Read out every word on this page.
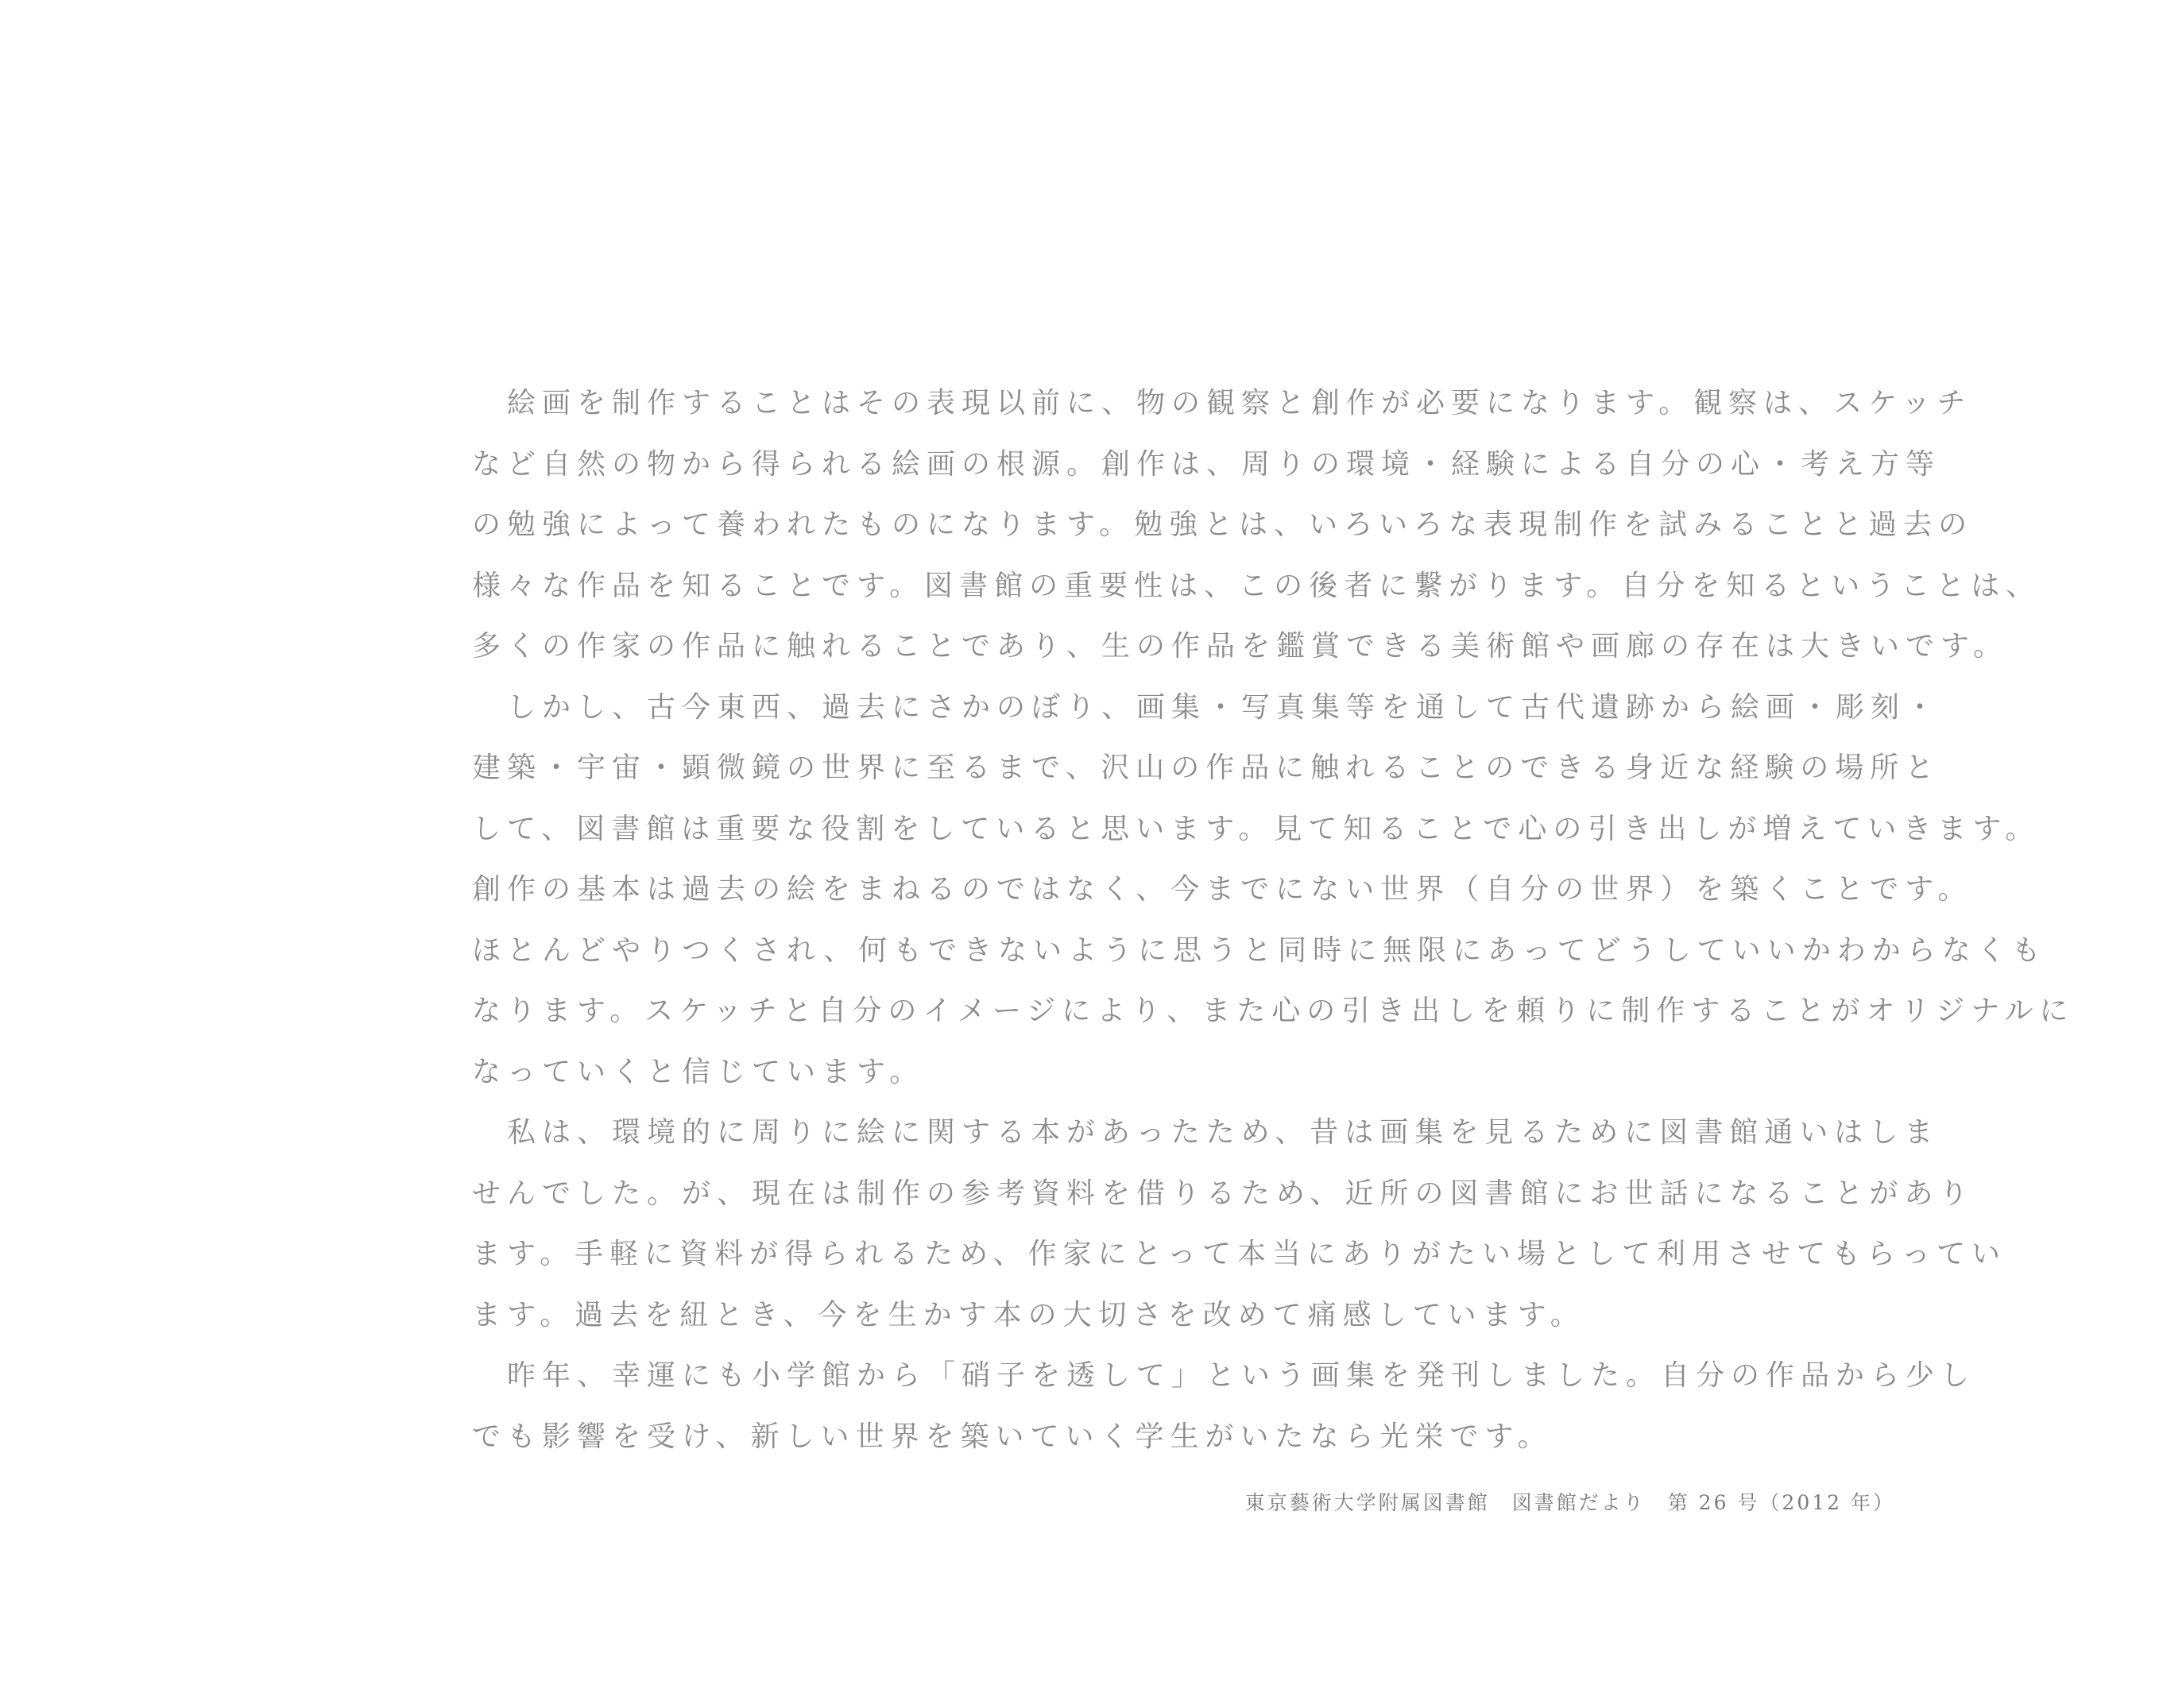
　絵画を制作することはその表現以前に、物の観察と創作が必要になります。観察は、スケッチ
など自然の物から得られる絵画の根源。創作は、周りの環境・経験による自分の心・考え方等
の勉強によって養われたものになります。勉強とは、いろいろな表現制作を試みることと過去の
様々な作品を知ることです。図書館の重要性は、この後者に繋がります。自分を知るということは、
多くの作家の作品に触れることであり、生の作品を鑑賞できる美術館や画廊の存在は大きいです。
　しかし、古今東西、過去にさかのぼり、画集・写真集等を通して古代遺跡から絵画・彫刻・
建築・宇宙・顕微鏡の世界に至るまで、沢山の作品に触れることのできる身近な経験の場所と
して、図書館は重要な役割をしていると思います。見て知ることで心の引き出しが増えていきます。
創作の基本は過去の絵をまねるのではなく、今までにない世界（自分の世界）を築くことです。
ほとんどやりつくされ、何もできないように思うと同時に無限にあってどうしていいかわからなくも
なります。スケッチと自分のイメージにより、また心の引き出しを頼りに制作することがオリジナルに
なっていくと信じています。
　私は、環境的に周りに絵に関する本があったため、昔は画集を見るために図書館通いはしま
せんでした。が、現在は制作の参考資料を借りるため、近所の図書館にお世話になることがあり
ます。手軽に資料が得られるため、作家にとって本当にありがたい場として利用させてもらってい
ます。過去を紐とき、今を生かす本の大切さを改めて痛感しています。
　昨年、幸運にも小学館から「硝子を透して」という画集を発刊しました。自分の作品から少し
でも影響を受け、新しい世界を築いていく学生がいたなら光栄です。
東京藝術大学附属図書館　図書館だより　第 26 号（2012 年）
